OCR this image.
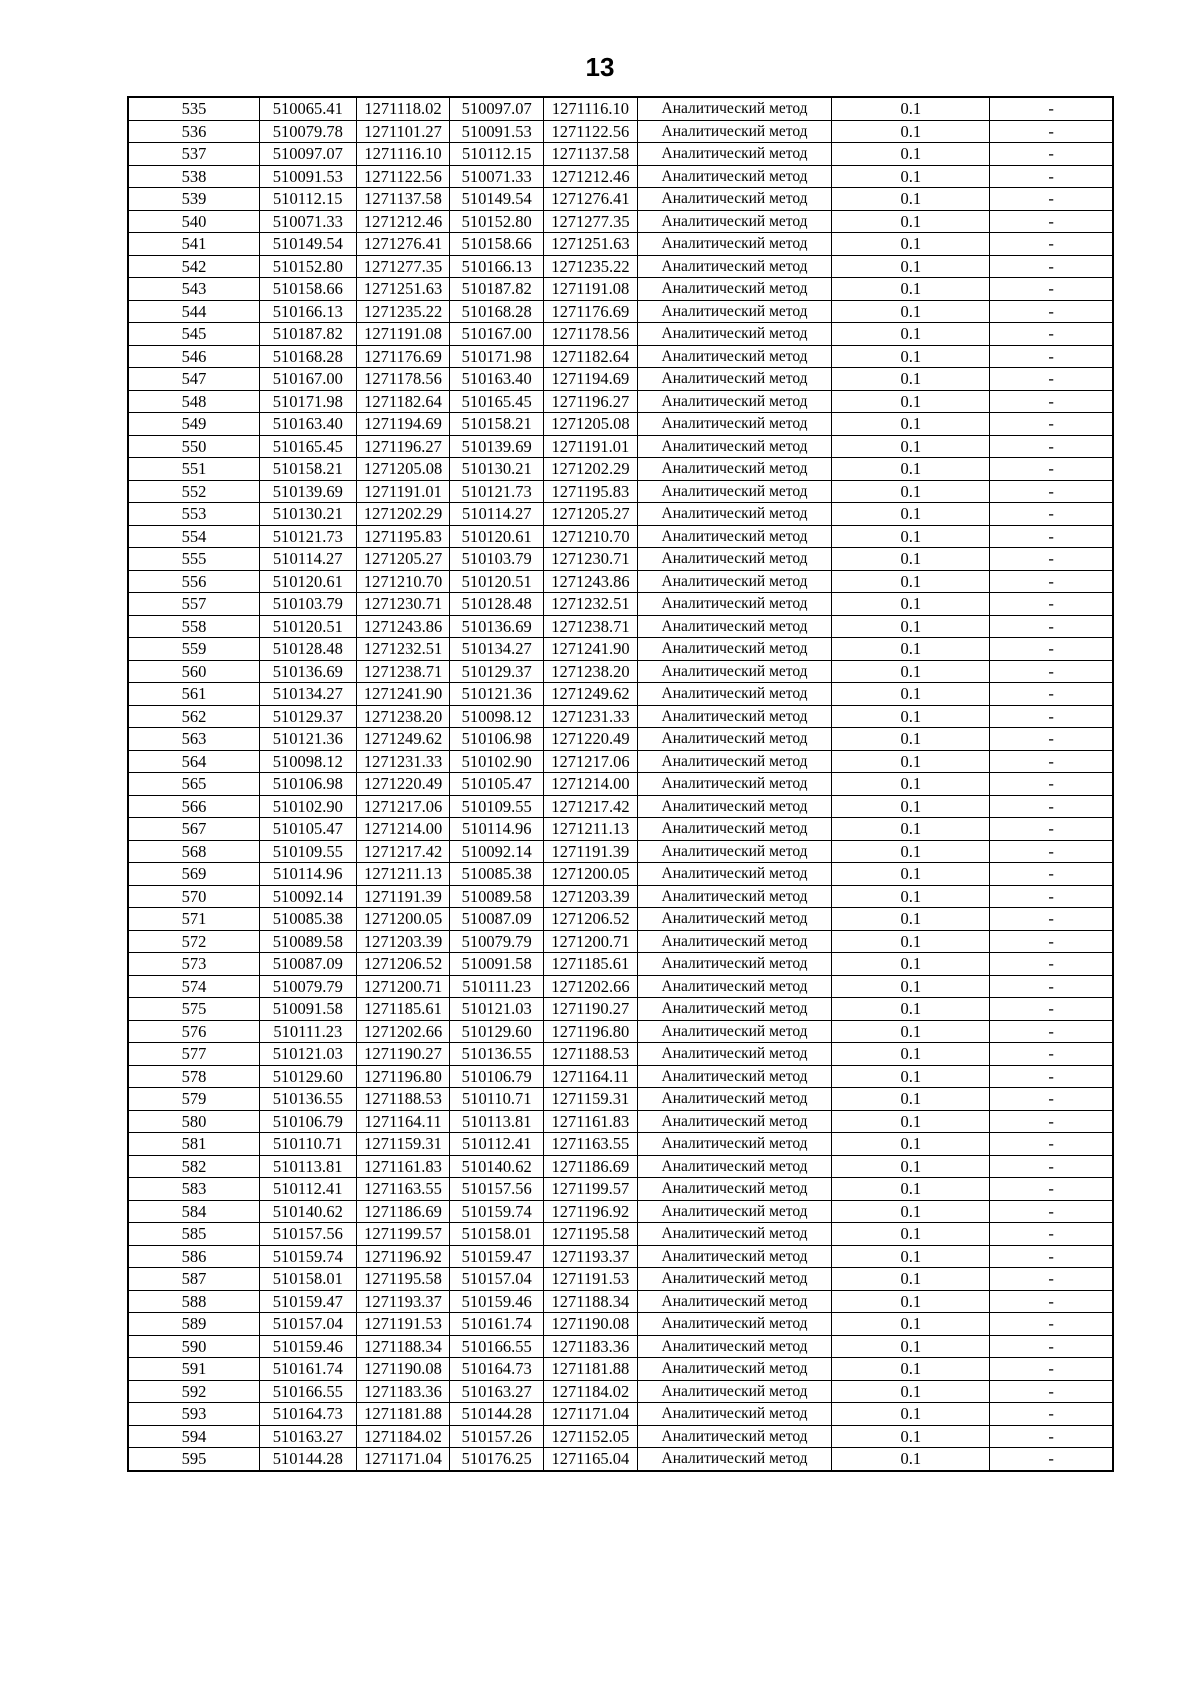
13
535	510065.41	1271118.02	510097.07	1271116.10	Аналитический метод	0.1	-
536	510079.78	1271101.27	510091.53	1271122.56	Аналитический метод	0.1	-
537	510097.07	1271116.10	510112.15	1271137.58	Аналитический метод	0.1	-
538	510091.53	1271122.56	510071.33	1271212.46	Аналитический метод	0.1	-
539	510112.15	1271137.58	510149.54	1271276.41	Аналитический метод	0.1	-
540	510071.33	1271212.46	510152.80	1271277.35	Аналитический метод	0.1	-
541	510149.54	1271276.41	510158.66	1271251.63	Аналитический метод	0.1	-
542	510152.80	1271277.35	510166.13	1271235.22	Аналитический метод	0.1	-
543	510158.66	1271251.63	510187.82	1271191.08	Аналитический метод	0.1	-
544	510166.13	1271235.22	510168.28	1271176.69	Аналитический метод	0.1	-
545	510187.82	1271191.08	510167.00	1271178.56	Аналитический метод	0.1	-
546	510168.28	1271176.69	510171.98	1271182.64	Аналитический метод	0.1	-
547	510167.00	1271178.56	510163.40	1271194.69	Аналитический метод	0.1	-
548	510171.98	1271182.64	510165.45	1271196.27	Аналитический метод	0.1	-
549	510163.40	1271194.69	510158.21	1271205.08	Аналитический метод	0.1	-
550	510165.45	1271196.27	510139.69	1271191.01	Аналитический метод	0.1	-
551	510158.21	1271205.08	510130.21	1271202.29	Аналитический метод	0.1	-
552	510139.69	1271191.01	510121.73	1271195.83	Аналитический метод	0.1	-
553	510130.21	1271202.29	510114.27	1271205.27	Аналитический метод	0.1	-
554	510121.73	1271195.83	510120.61	1271210.70	Аналитический метод	0.1	-
555	510114.27	1271205.27	510103.79	1271230.71	Аналитический метод	0.1	-
556	510120.61	1271210.70	510120.51	1271243.86	Аналитический метод	0.1	-
557	510103.79	1271230.71	510128.48	1271232.51	Аналитический метод	0.1	-
558	510120.51	1271243.86	510136.69	1271238.71	Аналитический метод	0.1	-
559	510128.48	1271232.51	510134.27	1271241.90	Аналитический метод	0.1	-
560	510136.69	1271238.71	510129.37	1271238.20	Аналитический метод	0.1	-
561	510134.27	1271241.90	510121.36	1271249.62	Аналитический метод	0.1	-
562	510129.37	1271238.20	510098.12	1271231.33	Аналитический метод	0.1	-
563	510121.36	1271249.62	510106.98	1271220.49	Аналитический метод	0.1	-
564	510098.12	1271231.33	510102.90	1271217.06	Аналитический метод	0.1	-
565	510106.98	1271220.49	510105.47	1271214.00	Аналитический метод	0.1	-
566	510102.90	1271217.06	510109.55	1271217.42	Аналитический метод	0.1	-
567	510105.47	1271214.00	510114.96	1271211.13	Аналитический метод	0.1	-
568	510109.55	1271217.42	510092.14	1271191.39	Аналитический метод	0.1	-
569	510114.96	1271211.13	510085.38	1271200.05	Аналитический метод	0.1	-
570	510092.14	1271191.39	510089.58	1271203.39	Аналитический метод	0.1	-
571	510085.38	1271200.05	510087.09	1271206.52	Аналитический метод	0.1	-
572	510089.58	1271203.39	510079.79	1271200.71	Аналитический метод	0.1	-
573	510087.09	1271206.52	510091.58	1271185.61	Аналитический метод	0.1	-
574	510079.79	1271200.71	510111.23	1271202.66	Аналитический метод	0.1	-
575	510091.58	1271185.61	510121.03	1271190.27	Аналитический метод	0.1	-
576	510111.23	1271202.66	510129.60	1271196.80	Аналитический метод	0.1	-
577	510121.03	1271190.27	510136.55	1271188.53	Аналитический метод	0.1	-
578	510129.60	1271196.80	510106.79	1271164.11	Аналитический метод	0.1	-
579	510136.55	1271188.53	510110.71	1271159.31	Аналитический метод	0.1	-
580	510106.79	1271164.11	510113.81	1271161.83	Аналитический метод	0.1	-
581	510110.71	1271159.31	510112.41	1271163.55	Аналитический метод	0.1	-
582	510113.81	1271161.83	510140.62	1271186.69	Аналитический метод	0.1	-
583	510112.41	1271163.55	510157.56	1271199.57	Аналитический метод	0.1	-
584	510140.62	1271186.69	510159.74	1271196.92	Аналитический метод	0.1	-
585	510157.56	1271199.57	510158.01	1271195.58	Аналитический метод	0.1	-
586	510159.74	1271196.92	510159.47	1271193.37	Аналитический метод	0.1	-
587	510158.01	1271195.58	510157.04	1271191.53	Аналитический метод	0.1	-
588	510159.47	1271193.37	510159.46	1271188.34	Аналитический метод	0.1	-
589	510157.04	1271191.53	510161.74	1271190.08	Аналитический метод	0.1	-
590	510159.46	1271188.34	510166.55	1271183.36	Аналитический метод	0.1	-
591	510161.74	1271190.08	510164.73	1271181.88	Аналитический метод	0.1	-
592	510166.55	1271183.36	510163.27	1271184.02	Аналитический метод	0.1	-
593	510164.73	1271181.88	510144.28	1271171.04	Аналитический метод	0.1	-
594	510163.27	1271184.02	510157.26	1271152.05	Аналитический метод	0.1	-
595	510144.28	1271171.04	510176.25	1271165.04	Аналитический метод	0.1	-
